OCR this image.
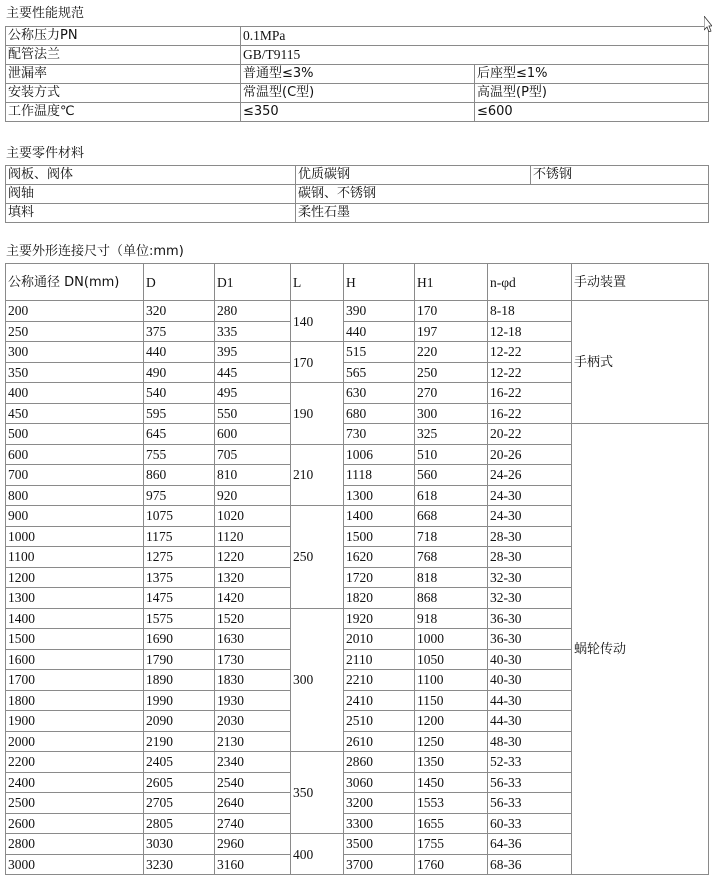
主要性能规范
公称压力PN	0.1MPa	
配管法兰	GB/T9115	
泄漏率	普通型≤3%	后座型≤1%
安装方式	常温型(C型)	高温型(P型)
工作温度℃	≤350	≤600
主要零件材料
阀板、阀体	优质碳钢	不锈钢
阀轴	碳钢、不锈钢	
填料	柔性石墨	
主要外形连接尺寸（单位:mm)
公称通径 DN(mm)	D	D1	L	H	H1	n-φd	手动装置
200	320	280	140	390	170	8-18	手柄式
250	375	335		440	197	12-18	
300	440	395	170	515	220	12-22	
350	490	445		565	250	12-22	
400	540	495	190	630	270	16-22	
450	595	550		680	300	16-22	
500	645	600		730	325	20-22	蜗轮传动
600	755	705	210	1006	510	20-26	
700	860	810		1118	560	24-26	
800	975	920		1300	618	24-30	
900	1075	1020	250	1400	668	24-30	
1000	1175	1120		1500	718	28-30	
1100	1275	1220		1620	768	28-30	
1200	1375	1320		1720	818	32-30	
1300	1475	1420		1820	868	32-30	
1400	1575	1520	300	1920	918	36-30	
1500	1690	1630		2010	1000	36-30	
1600	1790	1730		2110	1050	40-30	
1700	1890	1830		2210	1100	40-30	
1800	1990	1930		2410	1150	44-30	
1900	2090	2030		2510	1200	44-30	
2000	2190	2130		2610	1250	48-30	
2200	2405	2340	350	2860	1350	52-33	
2400	2605	2540		3060	1450	56-33	
2500	2705	2640		3200	1553	56-33	
2600	2805	2740		3300	1655	60-33	
2800	3030	2960	400	3500	1755	64-36	
3000	3230	3160		3700	1760	68-36	
